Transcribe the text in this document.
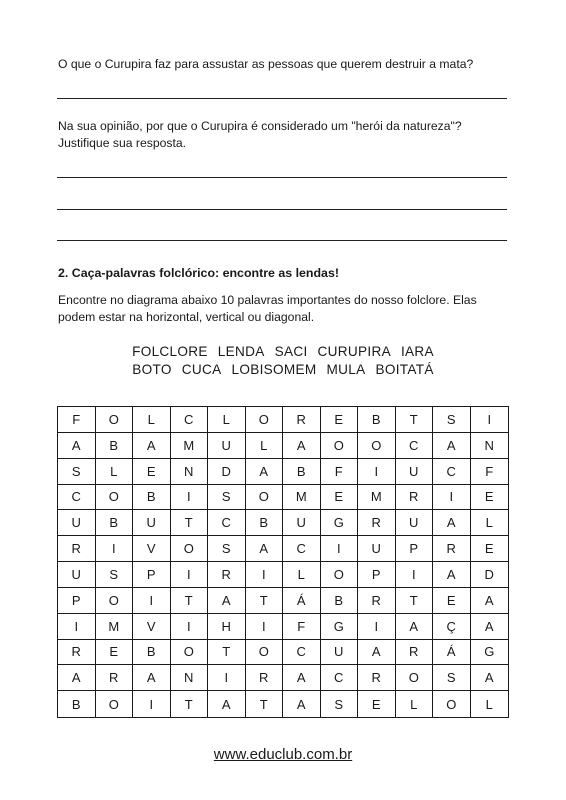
O que o Curupira faz para assustar as pessoas que querem destruir a mata?
Na sua opinião, por que o Curupira é considerado um "herói da natureza"? Justifique sua resposta.
2. Caça-palavras folclórico: encontre as lendas!
Encontre no diagrama abaixo 10 palavras importantes do nosso folclore. Elas podem estar na horizontal, vertical ou diagonal.
FOLCLORE LENDA SACI CURUPIRA IARA
BOTO CUCA LOBISOMEM MULA BOITATÁ
F	O	L	C	L	O	R	E	B	T	S	I
A	B	A	M	U	L	A	O	O	C	A	N
S	L	E	N	D	A	B	F	I	U	C	F
C	O	B	I	S	O	M	E	M	R	I	E
U	B	U	T	C	B	U	G	R	U	A	L
R	I	V	O	S	A	C	I	U	P	R	E
U	S	P	I	R	I	L	O	P	I	A	D
P	O	I	T	A	T	Á	B	R	T	E	A
I	M	V	I	H	I	F	G	I	A	Ç	A
R	E	B	O	T	O	C	U	A	R	Á	G
A	R	A	N	I	R	A	C	R	O	S	A
B	O	I	T	A	T	A	S	E	L	O	L
www.educlub.com.br
